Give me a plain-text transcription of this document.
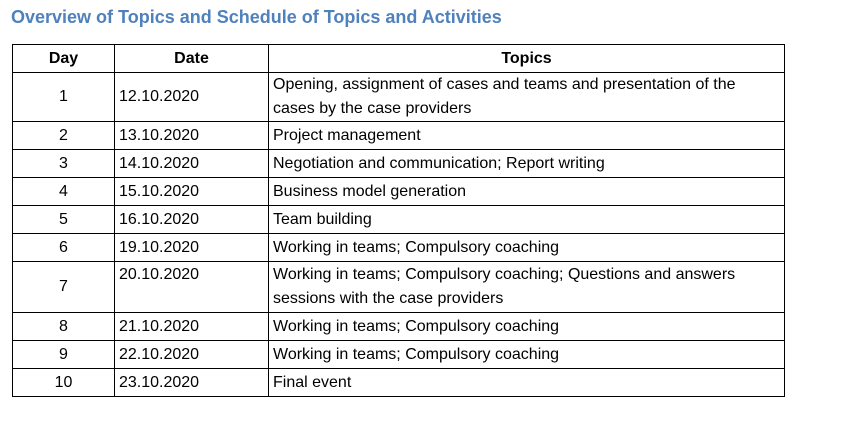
Overview of Topics and Schedule of Topics and Activities
Day	Date	Topics
1	12.10.2020	Opening, assignment of cases and teams and presentation of the cases by the case providers
2	13.10.2020	Project management
3	14.10.2020	Negotiation and communication; Report writing
4	15.10.2020	Business model generation
5	16.10.2020	Team building
6	19.10.2020	Working in teams; Compulsory coaching
7	20.10.2020	Working in teams; Compulsory coaching; Questions and answers sessions with the case providers
8	21.10.2020	Working in teams; Compulsory coaching
9	22.10.2020	Working in teams; Compulsory coaching
10	23.10.2020	Final event
